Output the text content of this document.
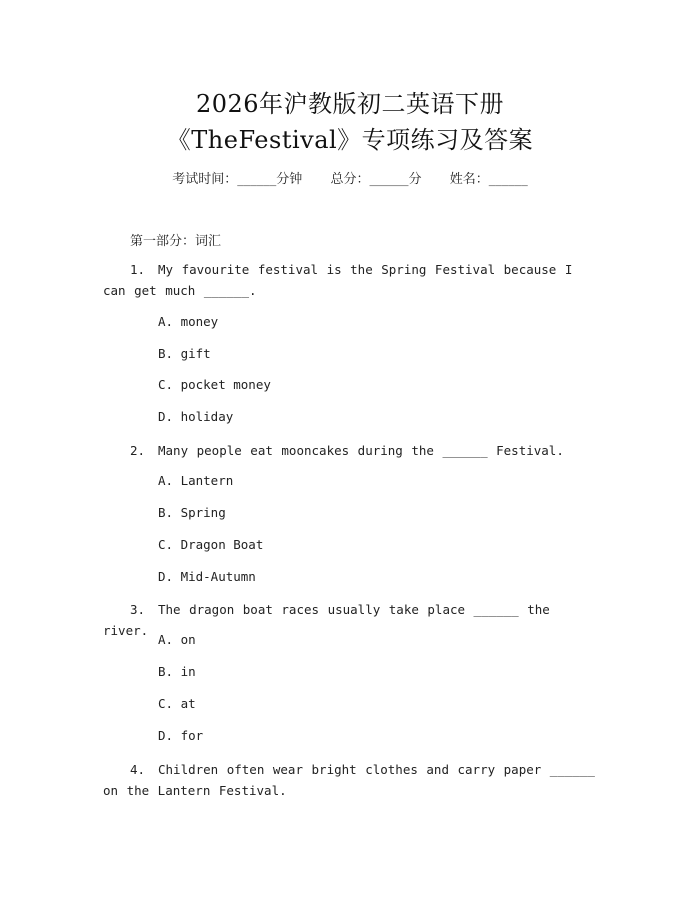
2026年沪教版初二英语下册
《TheFestival》专项练习及答案
考试时间：______分钟 总分：______分 姓名：______
第一部分：词汇
1. My favourite festival is the Spring Festival because I can get much ______.
A. money
B. gift
C. pocket money
D. holiday
2. Many people eat mooncakes during the ______ Festival.
A. Lantern
B. Spring
C. Dragon Boat
D. Mid-Autumn
3. The dragon boat races usually take place ______ the river.
A. on
B. in
C. at
D. for
4. Children often wear bright clothes and carry paper ______ on the Lantern Festival.
